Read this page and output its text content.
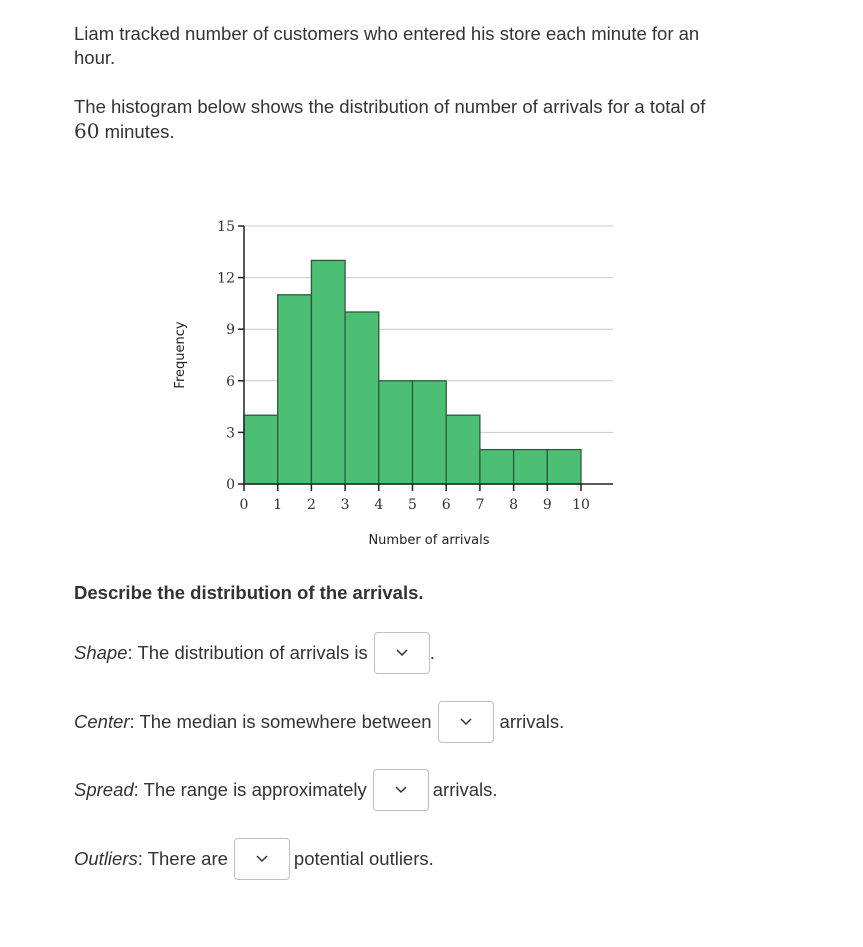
Liam tracked number of customers who entered his store each minute for an hour.

The histogram below shows the distribution of number of arrivals for a total of 60 minutes.

0
3
6
9
12
15
0 1 2 3 4 5 6 7 8 9 10
Number of arrivals
Frequency
Describe the distribution of the arrivals.
Shape : The distribution of arrivals is	.
Center : The median is somewhere between	arrivals.
Spread : The range is approximately	arrivals.
Outliers : There are	potential outliers.
